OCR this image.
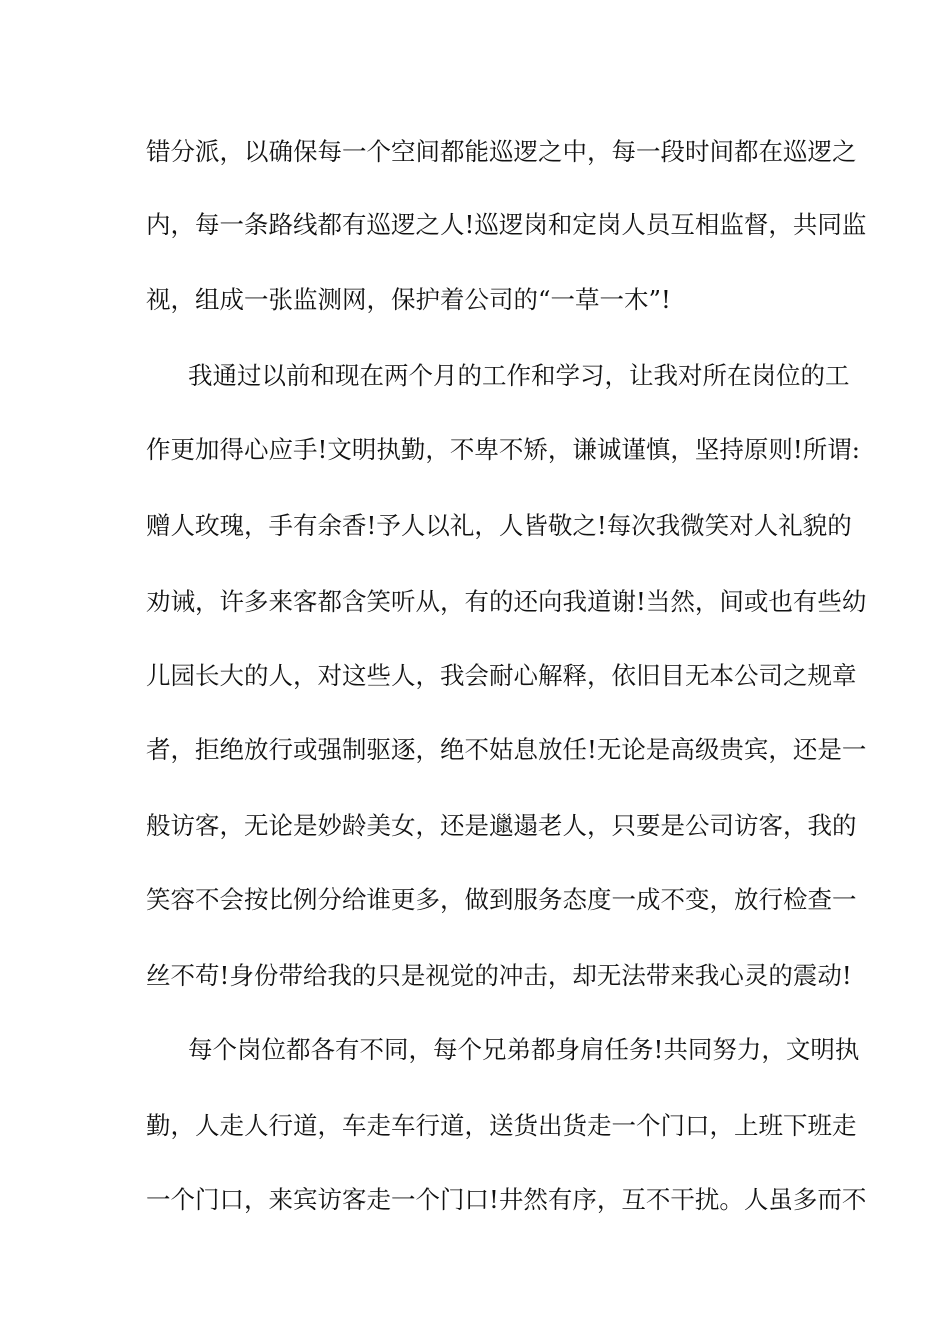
错分派，以确保每一个空间都能巡逻之中，每一段时间都在巡逻之
内，每一条路线都有巡逻之人!巡逻岗和定岗人员互相监督，共同监
视，组成一张监测网，保护着公司的“一草一木”!
我通过以前和现在两个月的工作和学习，让我对所在岗位的工
作更加得心应手!文明执勤，不卑不矫，谦诚谨慎，坚持原则!所谓:
赠人玫瑰，手有余香!予人以礼，人皆敬之!每次我微笑对人礼貌的
劝诫，许多来客都含笑听从，有的还向我道谢!当然，间或也有些幼
儿园长大的人，对这些人，我会耐心解释，依旧目无本公司之规章
者，拒绝放行或强制驱逐，绝不姑息放任!无论是高级贵宾，还是一
般访客，无论是妙龄美女，还是邋遢老人，只要是公司访客，我的
笑容不会按比例分给谁更多，做到服务态度一成不变，放行检查一
丝不苟!身份带给我的只是视觉的冲击，却无法带来我心灵的震动!
每个岗位都各有不同，每个兄弟都身肩任务!共同努力，文明执
勤，人走人行道，车走车行道，送货出货走一个门口，上班下班走
一个门口，来宾访客走一个门口!井然有序，互不干扰。人虽多而不
